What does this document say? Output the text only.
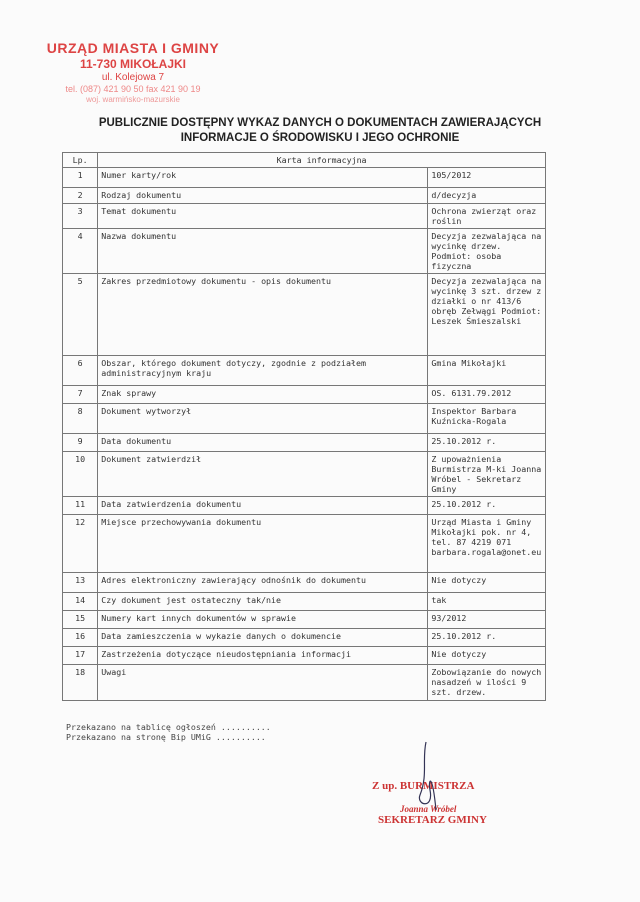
URZĄD MIASTA I GMINY
11-730 MIKOŁAJKI
ul. Kolejowa 7
tel. (087) 421 90 50 fax 421 90 19
woj. warmińsko-mazurskie
PUBLICZNIE DOSTĘPNY WYKAZ DANYCH O DOKUMENTACH ZAWIERAJĄCYCH INFORMACJE O ŚRODOWISKU I JEGO OCHRONIE
Lp.	Karta informacyjna	
1	Numer karty/rok	105/2012
2	Rodzaj dokumentu	d/decyzja
3	Temat dokumentu	Ochrona zwierząt oraz roślin
4	Nazwa dokumentu	Decyzja zezwalająca na wycinkę drzew. Podmiot: osoba fizyczna
5	Zakres przedmiotowy dokumentu - opis dokumentu	Decyzja zezwalająca na wycinkę 3 szt. drzew z działki o nr 413/6 obręb Zełwągi Podmiot: Leszek Śmieszalski
6	Obszar, którego dokument dotyczy, zgodnie z podziałem administracyjnym kraju	Gmina Mikołajki
7	Znak sprawy	OS. 6131.79.2012
8	Dokument wytworzył	Inspektor Barbara Kuźnicka-Rogala
9	Data dokumentu	25.10.2012 r.
10	Dokument zatwierdził	Z upoważnienia Burmistrza M-ki Joanna Wróbel - Sekretarz Gminy
11	Data zatwierdzenia dokumentu	25.10.2012 r.
12	Miejsce przechowywania dokumentu	Urząd Miasta i Gminy Mikołajki pok. nr 4, tel. 87 4219 071 barbara.rogala@onet.eu
13	Adres elektroniczny zawierający odnośnik do dokumentu	Nie dotyczy
14	Czy dokument jest ostateczny tak/nie	tak
15	Numery kart innych dokumentów w sprawie	93/2012
16	Data zamieszczenia w wykazie danych o dokumencie	25.10.2012 r.
17	Zastrzeżenia dotyczące nieudostępniania informacji	Nie dotyczy
18	Uwagi	Zobowiązanie do nowych nasadzeń w ilości 9 szt. drzew.
Przekazano na tablicę ogłoszeń ..........
Przekazano na stronę Bip UMiG ..........
Z up. BURMISTRZA
Joanna Wróbel
SEKRETARZ GMINY
